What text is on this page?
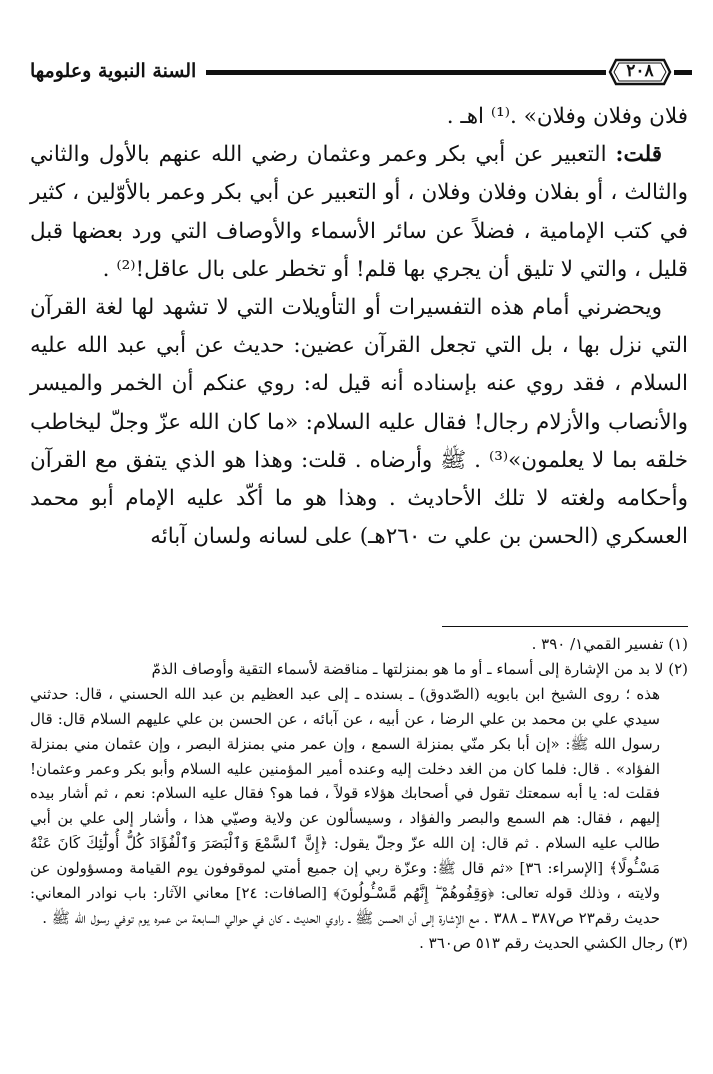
السنة النبوية وعلومها	٢٠٨

فلان وفلان وفلان» .⁽¹⁾ اهـ .

قلت: التعبير عن أبي بكر وعمر وعثمان رضي الله عنهم بالأول والثاني والثالث ، أو بفلان وفلان وفلان ، أو التعبير عن أبي بكر وعمر بالأوّلين ، كثير في كتب الإمامية ، فضلاً عن سائر الأسماء والأوصاف التي ورد بعضها قبل قليل ، والتي لا تليق أن يجري بها قلم! أو تخطر على بال عاقل!⁽²⁾ .

ويحضرني أمام هذه التفسيرات أو التأويلات التي لا تشهد لها لغة القرآن التي نزل بها ، بل التي تجعل القرآن عضين: حديث عن أبي عبد الله عليه السلام ، فقد روي عنه بإسناده أنه قيل له: روي عنكم أن الخمر والميسر والأنصاب والأزلام رجال! فقال عليه السلام: «ما كان الله عزّ وجلّ ليخاطب خلقه بما لا يعلمون»⁽³⁾ . ﷺ وأرضاه . قلت: وهذا هو الذي يتفق مع القرآن وأحكامه ولغته لا تلك الأحاديث . وهذا هو ما أكّد عليه الإمام أبو محمد العسكري (الحسن بن علي ت ٢٦٠هـ) على لسانه ولسان آبائه

(١) تفسير القمي١/ ٣٩٠ .

(٢) لا بد من الإشارة إلى أسماء ـ أو ما هو بمنزلتها ـ مناقضة لأسماء التقية وأوصاف الذمّ

هذه ؛ روى الشيخ ابن بابويه (الصّدوق) ـ بسنده ـ إلى عبد العظيم بن عبد الله الحسني ، قال: حدثني سيدي علي بن محمد بن علي الرضا ، عن أبيه ، عن آبائه ، عن الحسن بن علي عليهم السلام قال: قال رسول الله ﷺ: «إن أبا بكر منّي بمنزلة السمع ، وإن عمر مني بمنزلة البصر ، وإن عثمان مني بمنزلة الفؤاد» . قال: فلما كان من الغد دخلت إليه وعنده أمير المؤمنين عليه السلام وأبو بكر وعمر وعثمان! فقلت له: يا أبه سمعتك تقول في أصحابك هؤلاء قولاً ، فما هو؟ فقال عليه السلام: نعم ، ثم أشار بيده إليهم ، فقال: هم السمع والبصر والفؤاد ، وسيسألون عن ولاية وصيّي هذا ، وأشار إلى علي بن أبي طالب عليه السلام . ثم قال: إن الله عزّ وجلّ يقول: ﴿إِنَّ ٱلسَّمْعَ وَٱلْبَصَرَ وَٱلْفُؤَادَ كُلُّ أُولَٰٓئِكَ كَانَ عَنْهُ مَسْـُٔولًا﴾ [الإسراء: ٣٦] «ثم قال ﷺ: وعزّة ربي إن جميع أمتي لموقوفون يوم القيامة ومسؤولون عن ولايته ، وذلك قوله تعالى: ﴿وَقِفُوهُمْ ۖ إِنَّهُم مَّسْـُٔولُونَ﴾ [الصافات: ٢٤] معاني الآثار: باب نوادر المعاني: حديث رقم٢٣ ص٣٨٧ ـ ٣٨٨ . مع الإشارة إلى أن الحسن ﷺ ـ راوي الحديث ـ كان في حوالي السابعة من عمره يوم توفي رسول الله ﷺ .

(٣) رجال الكشي الحديث رقم ٥١٣ ص٣٦٠ .
